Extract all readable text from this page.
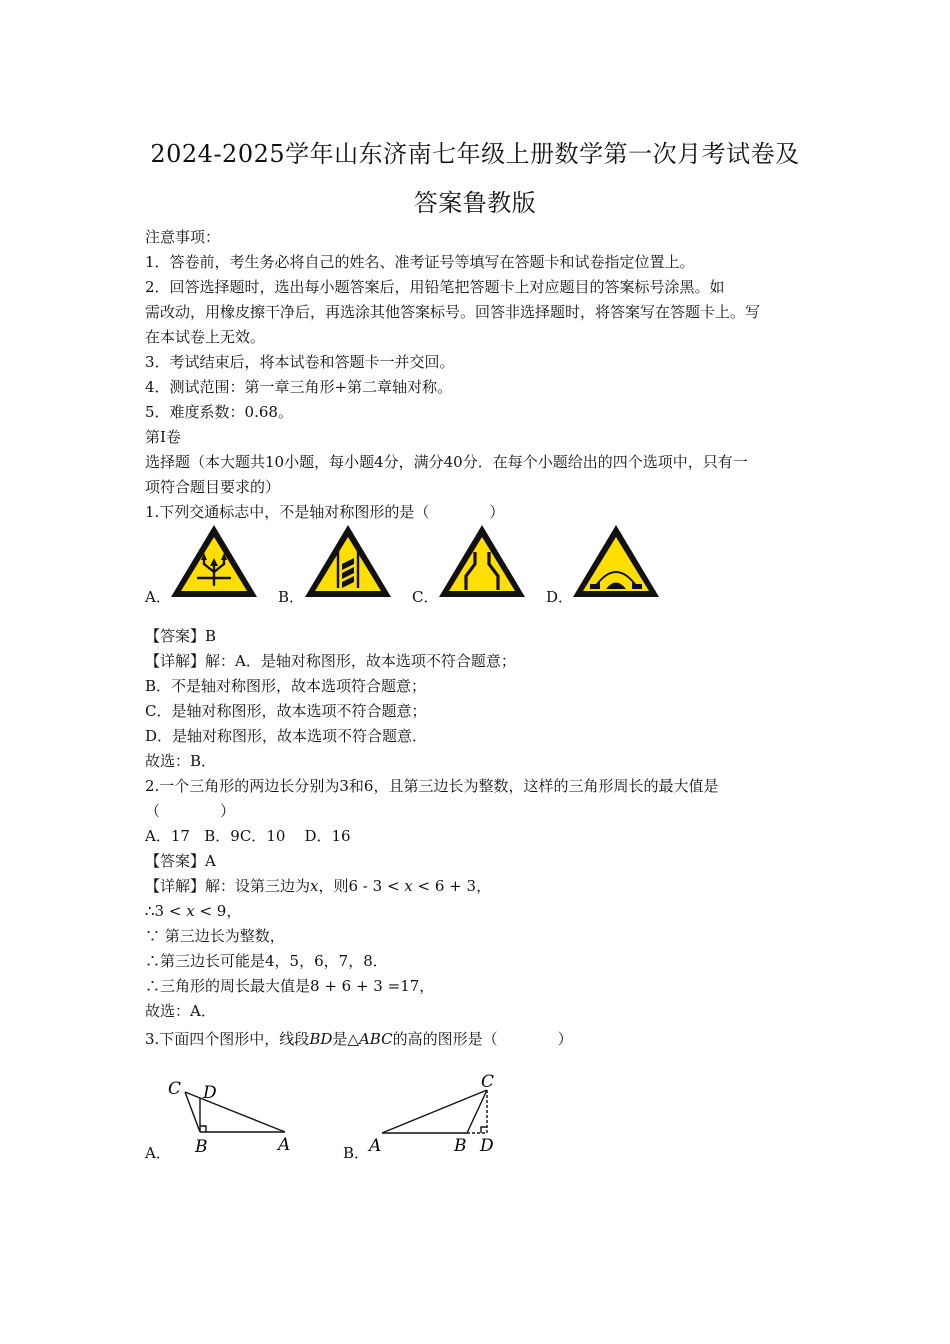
2024-2025学年山东济南七年级上册数学第一次月考试卷及
答案鲁教版
注意事项：
1．答卷前，考生务必将自己的姓名、准考证号等填写在答题卡和试卷指定位置上。
2．回答选择题时，选出每小题答案后，用铅笔把答题卡上对应题目的答案标号涂黑。如
需改动，用橡皮擦干净后，再选涂其他答案标号。回答非选择题时，将答案写在答题卡上。写
在本试卷上无效。
3．考试结束后，将本试卷和答题卡一并交回。
4．测试范围：第一章三角形+第二章轴对称。
5．难度系数：0.68。
第Ⅰ卷
选择题（本大题共10小题，每小题4分，满分40分．在每个小题给出的四个选项中，只有一
项符合题目要求的）
1.下列交通标志中，不是轴对称图形的是（　　　　）
A．	B．	C．	D．
【答案】B
【详解】解：A．是轴对称图形，故本选项不符合题意；
B．不是轴对称图形，故本选项符合题意；
C．是轴对称图形，故本选项不符合题意；
D．是轴对称图形，故本选项不符合题意．
故选：B．
2.一个三角形的两边长分别为3和6，且第三边长为整数，这样的三角形周长的最大值是
（　　　　）
A．17 B．9C．10 D．16
【答案】A
【详解】解：设第三边为x，则6 - 3 < x < 6 + 3，
∴3 < x < 9，
∵ 第三边长为整数，
∴第三边长可能是4，5，6，7，8．
∴三角形的周长最大值是8 + 6 + 3 =17，
故选：A．
3.下面四个图形中，线段BD是△ABC的高的图形是（　　　　）
A．	B．
C D
B	A	A	B
C
D
